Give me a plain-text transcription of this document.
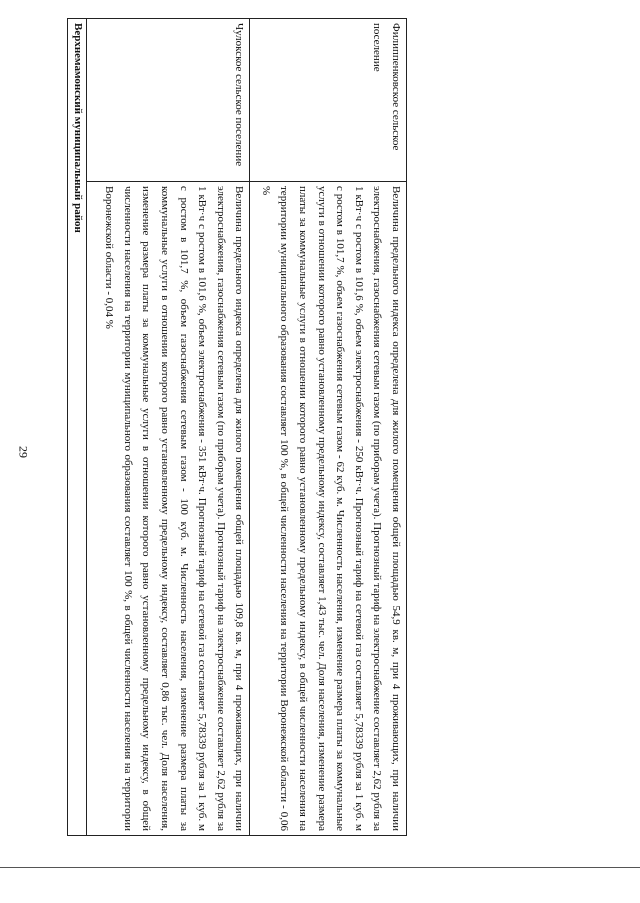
29
Филиппенковское сельское поселение	Величина предельного индекса определена для жилого помещения общей площадью 54,9 кв. м, при 4 проживающих, при наличии электроснабжения, газоснабжения сетевым газом (по приборам учета). Прогнозный тариф на электроснабжение составляет 2,62 рубля за 1 кВт·ч с ростом в 101,6 %, объем электроснабжения - 250 кВт·ч. Прогнозный тариф на сетевой газ составляет 5,78339 рубля за 1 куб. м с ростом в 101,7 %, объем газоснабжения сетевым газом - 62 куб. м. Численность населения, изменение размера платы за коммунальные услуги в отношении которого равно установленному предельному индексу, составляет 1,43 тыс. чел. Доля населения, изменение размера платы за коммунальные услуги в отношении которого равно установленному предельному индексу, в общей численности населения на территории муниципального образования составляет 100 %, в общей численности населения на территории Воронежской области - 0,06 %
Чулокское сельское поселение	Величина предельного индекса определена для жилого помещения общей площадью 109,8 кв. м, при 4 проживающих, при наличии электроснабжения, газоснабжения сетевым газом (по приборам учета). Прогнозный тариф на электроснабжение составляет 2,62 рубля за 1 кВт·ч с ростом в 101,6 %, объем электроснабжения - 351 кВт·ч. Прогнозный тариф на сетевой газ составляет 5,78339 рубля за 1 куб. м с ростом в 101,7 %, объем газоснабжения сетевым газом - 100 куб. м. Численность населения, изменение размера платы за коммунальные услуги в отношении которого равно установленному предельному индексу, составляет 0,86 тыс. чел. Доля населения, изменение размера платы за коммунальные услуги в отношении которого равно установленному предельному индексу, в общей численности населения на территории муниципального образования составляет 100 %, в общей численности населения на территории Воронежской области - 0,04 %
Верхнемамонский муниципальный район	
